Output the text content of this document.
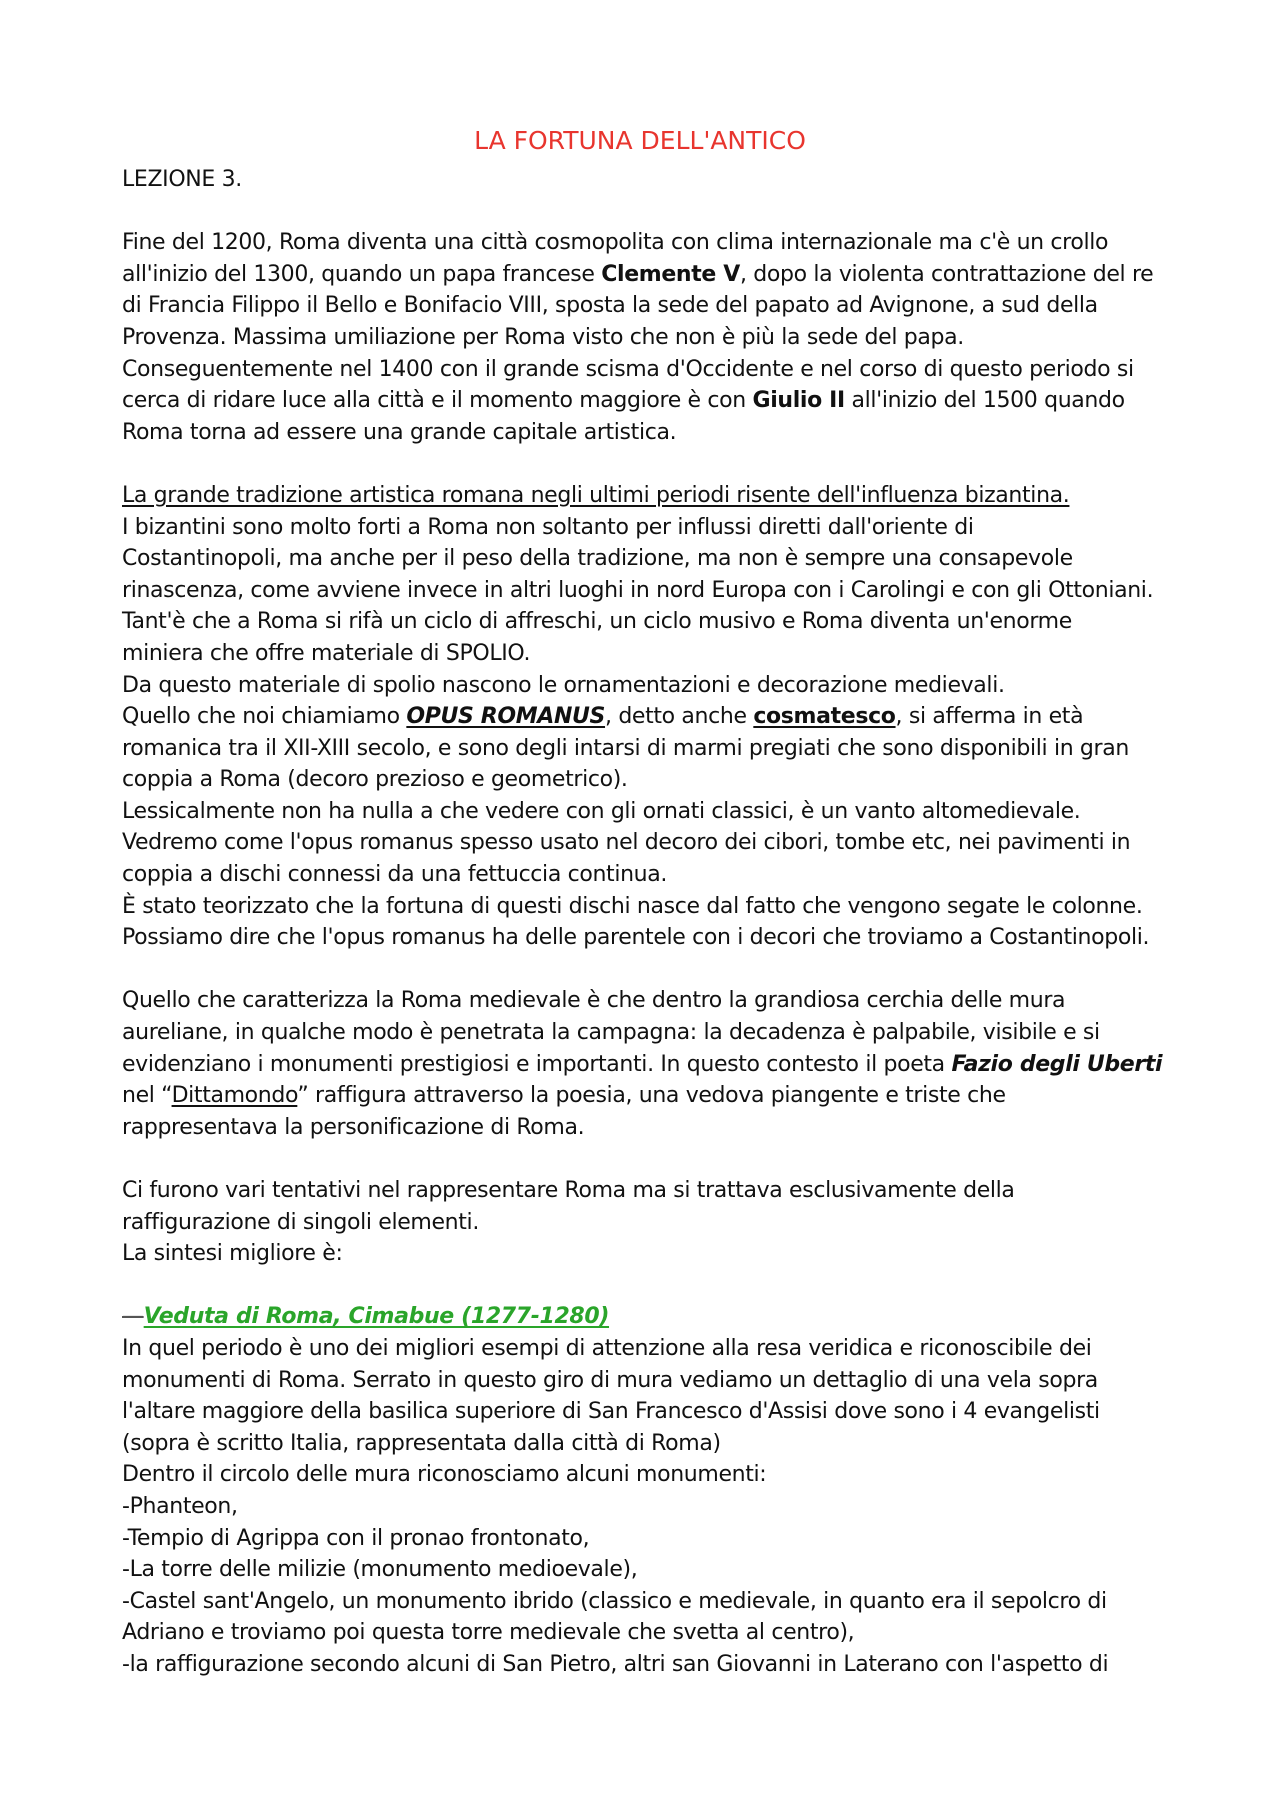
LA FORTUNA DELL'ANTICO

LEZIONE 3.

Fine del 1200, Roma diventa una città cosmopolita con clima internazionale ma c'è un crollo

all'inizio del 1300, quando un papa francese Clemente V, dopo la violenta contrattazione del re

di Francia Filippo il Bello e Bonifacio VIII, sposta la sede del papato ad Avignone, a sud della

Provenza. Massima umiliazione per Roma visto che non è più la sede del papa.

Conseguentemente nel 1400 con il grande scisma d'Occidente e nel corso di questo periodo si

cerca di ridare luce alla città e il momento maggiore è con Giulio II all'inizio del 1500 quando

Roma torna ad essere una grande capitale artistica.

La grande tradizione artistica romana negli ultimi periodi risente dell'influenza bizantina.

I bizantini sono molto forti a Roma non soltanto per influssi diretti dall'oriente di

Costantinopoli, ma anche per il peso della tradizione, ma non è sempre una consapevole

rinascenza, come avviene invece in altri luoghi in nord Europa con i Carolingi e con gli Ottoniani.

Tant'è che a Roma si rifà un ciclo di affreschi, un ciclo musivo e Roma diventa un'enorme

miniera che offre materiale di SPOLIO.

Da questo materiale di spolio nascono le ornamentazioni e decorazione medievali.

Quello che noi chiamiamo OPUS ROMANUS, detto anche cosmatesco, si afferma in età

romanica tra il XII-XIII secolo, e sono degli intarsi di marmi pregiati che sono disponibili in gran

coppia a Roma (decoro prezioso e geometrico).

Lessicalmente non ha nulla a che vedere con gli ornati classici, è un vanto altomedievale.

Vedremo come l'opus romanus spesso usato nel decoro dei cibori, tombe etc, nei pavimenti in

coppia a dischi connessi da una fettuccia continua.

È stato teorizzato che la fortuna di questi dischi nasce dal fatto che vengono segate le colonne.

Possiamo dire che l'opus romanus ha delle parentele con i decori che troviamo a Costantinopoli.

Quello che caratterizza la Roma medievale è che dentro la grandiosa cerchia delle mura

aureliane, in qualche modo è penetrata la campagna: la decadenza è palpabile, visibile e si

evidenziano i monumenti prestigiosi e importanti. In questo contesto il poeta Fazio degli Uberti

nel “Dittamondo” raffigura attraverso la poesia, una vedova piangente e triste che

rappresentava la personificazione di Roma.

Ci furono vari tentativi nel rappresentare Roma ma si trattava esclusivamente della

raffigurazione di singoli elementi.

La sintesi migliore è:

—Veduta di Roma, Cimabue (1277-1280)

In quel periodo è uno dei migliori esempi di attenzione alla resa veridica e riconoscibile dei

monumenti di Roma. Serrato in questo giro di mura vediamo un dettaglio di una vela sopra

l'altare maggiore della basilica superiore di San Francesco d'Assisi dove sono i 4 evangelisti

(sopra è scritto Italia, rappresentata dalla città di Roma)

Dentro il circolo delle mura riconosciamo alcuni monumenti:

-Phanteon,

-Tempio di Agrippa con il pronao frontonato,

-La torre delle milizie (monumento medioevale),

-Castel sant'Angelo, un monumento ibrido (classico e medievale, in quanto era il sepolcro di

Adriano e troviamo poi questa torre medievale che svetta al centro),

-la raffigurazione secondo alcuni di San Pietro, altri san Giovanni in Laterano con l'aspetto di
